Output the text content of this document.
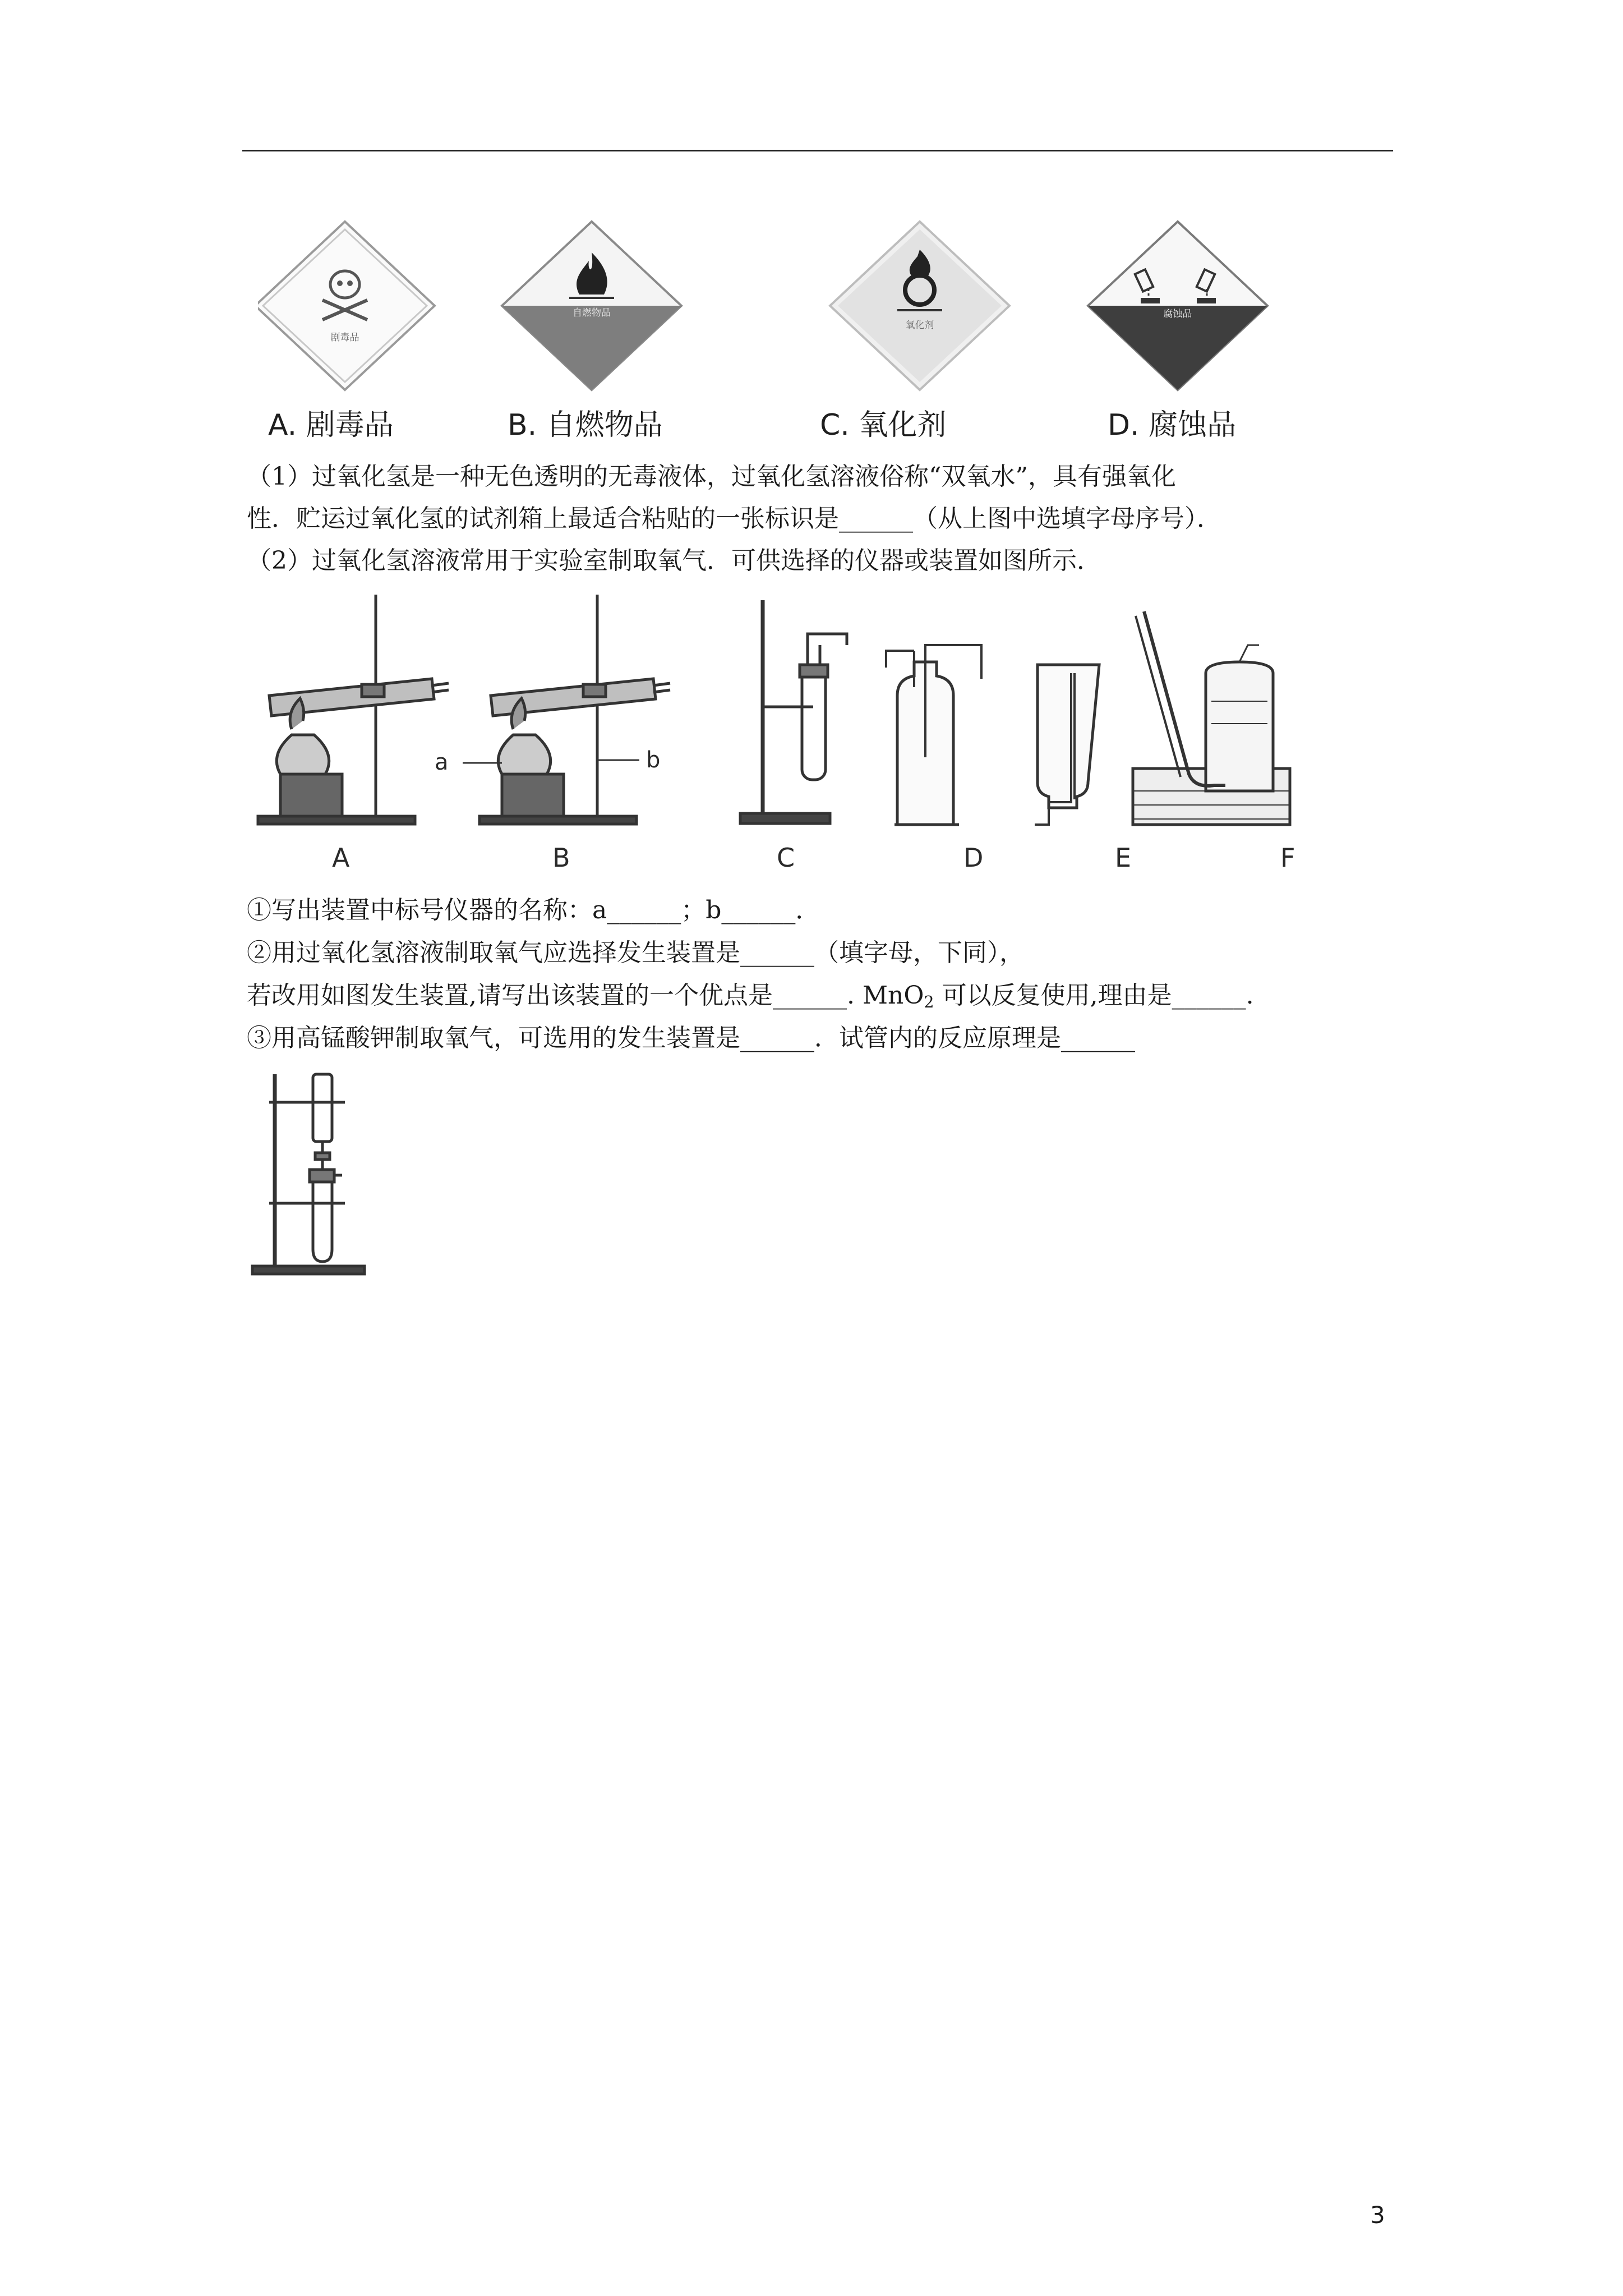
剧毒品
自燃物品
氧化剂
腐蚀品
A. 剧毒品	B. 自燃物品	C. 氧化剂	D. 腐蚀品
（1）过氧化氢是一种无色透明的无毒液体，过氧化氢溶液俗称“双氧水”，具有强氧化
性．贮运过氧化氢的试剂箱上最适合粘贴的一张标识是______（从上图中选填字母序号）．
（2）过氧化氢溶液常用于实验室制取氧气．可供选择的仪器或装置如图所示．
a	b
A	B	C	D	E	F
①写出装置中标号仪器的名称：a______；b______．
②用过氧化氢溶液制取氧气应选择发生装置是______（填字母，下同），
若改用如图发生装置,请写出该装置的一个优点是______. MnO$_2$ 可以反复使用,理由是______.
③用高锰酸钾制取氧气，可选用的发生装置是______．试管内的反应原理是______
3
